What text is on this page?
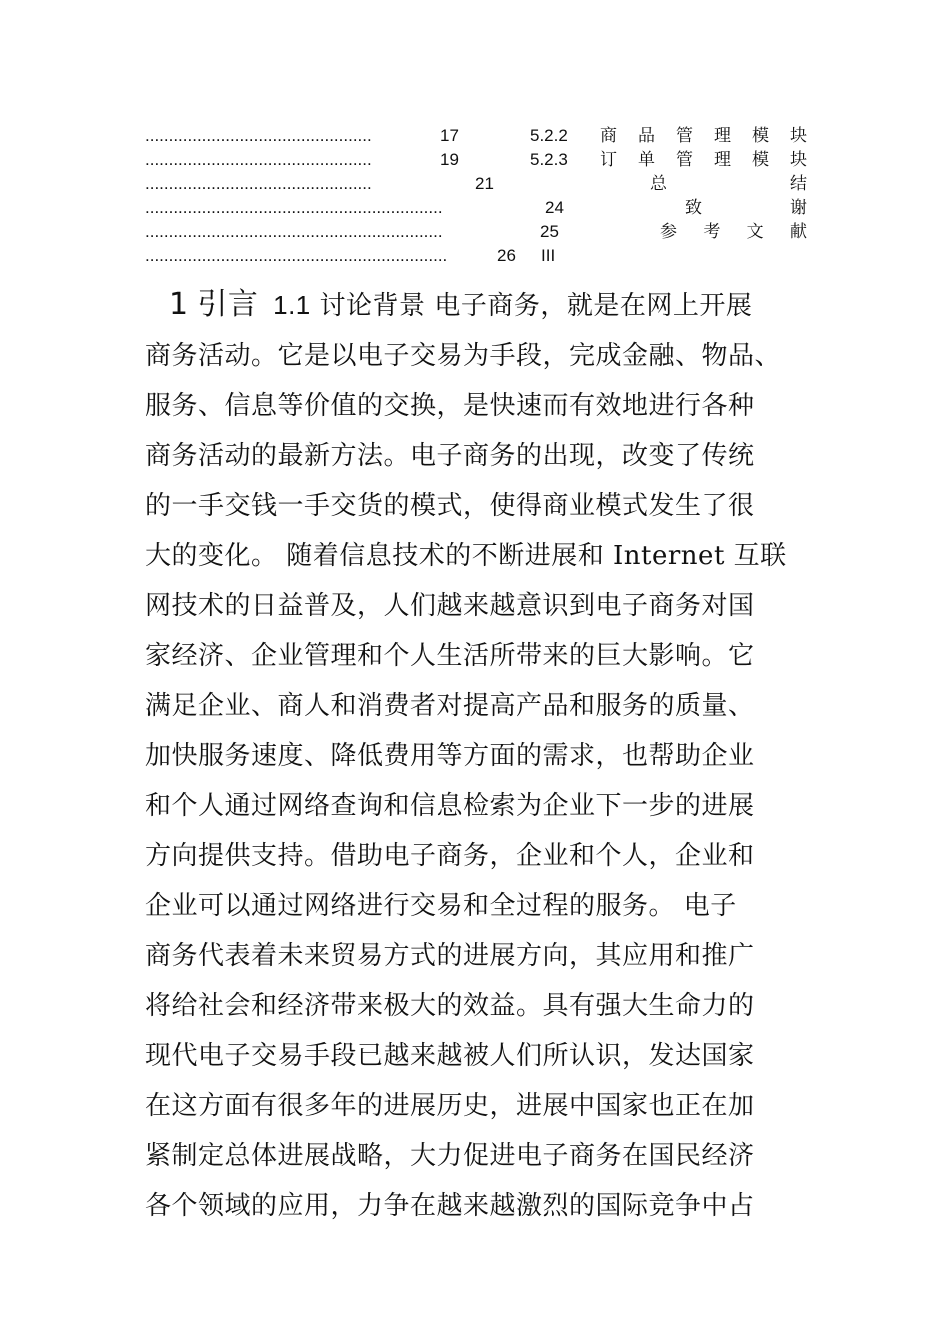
................................................	17	5.2.2	商品管理模块
................................................	19	5.2.3	订单管理模块
................................................	21	总结
...............................................................	24	致谢
...............................................................	25	参考文献
................................................................	26	III
1 引言 1.1 讨论背景 电子商务，就是在网上开展
商务活动。它是以电子交易为手段，完成金融、物品、
服务、信息等价值的交换，是快速而有效地进行各种
商务活动的最新方法。电子商务的出现，改变了传统
的一手交钱一手交货的模式，使得商业模式发生了很
大的变化。 随着信息技术的不断进展和 Internet 互联
网技术的日益普及，人们越来越意识到电子商务对国
家经济、企业管理和个人生活所带来的巨大影响。它
满足企业、商人和消费者对提高产品和服务的质量、
加快服务速度、降低费用等方面的需求，也帮助企业
和个人通过网络查询和信息检索为企业下一步的进展
方向提供支持。借助电子商务，企业和个人，企业和
企业可以通过网络进行交易和全过程的服务。 电子
商务代表着未来贸易方式的进展方向，其应用和推广
将给社会和经济带来极大的效益。具有强大生命力的
现代电子交易手段已越来越被人们所认识，发达国家
在这方面有很多年的进展历史，进展中国家也正在加
紧制定总体进展战略，大力促进电子商务在国民经济
各个领域的应用，力争在越来越激烈的国际竞争中占
